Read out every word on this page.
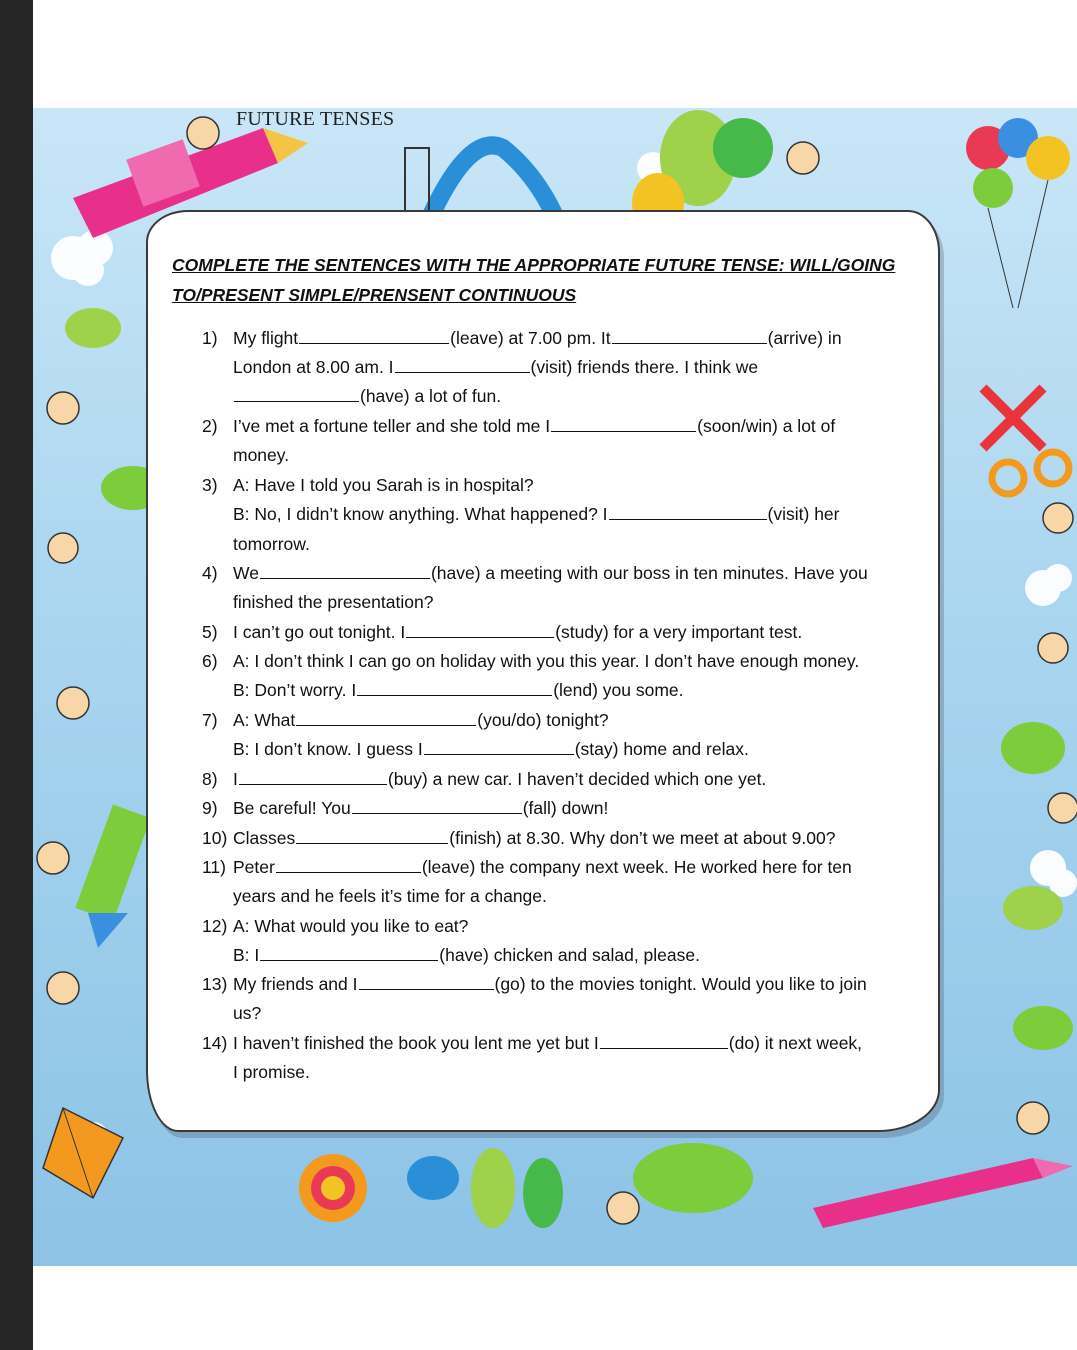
FUTURE TENSES
COMPLETE THE SENTENCES WITH THE APPROPRIATE FUTURE TENSE: WILL/GOING
TO/PRESENT SIMPLE/PRENSENT CONTINUOUS
1) My flight	(leave) at 7.00 pm. It	(arrive) in
London at 8.00 am. I	(visit) friends there. I think we
(have) a lot of fun.
2) I’ve met a fortune teller and she told me I	(soon/win) a lot of
money.
3) A: Have I told you Sarah is in hospital?
B: No, I didn’t know anything. What happened? I	(visit) her
tomorrow.
4) We	(have) a meeting with our boss in ten minutes. Have you
finished the presentation?
5) I can’t go out tonight. I	(study) for a very important test.
6) A: I don’t think I can go on holiday with you this year. I don’t have enough money.
B: Don’t worry. I	(lend) you some.
7) A: What	(you/do) tonight?
B: I don’t know. I guess I	(stay) home and relax.
8) I	(buy) a new car. I haven’t decided which one yet.
9) Be careful! You	(fall) down!
10) Classes	(finish) at 8.30. Why don’t we meet at about 9.00?
11) Peter	(leave) the company next week. He worked here for ten
years and he feels it’s time for a change.
12) A: What would you like to eat?
B: I	(have) chicken and salad, please.
13) My friends and I	(go) to the movies tonight. Would you like to join
us?
14) I haven’t finished the book you lent me yet but I	(do) it next week,
I promise.
